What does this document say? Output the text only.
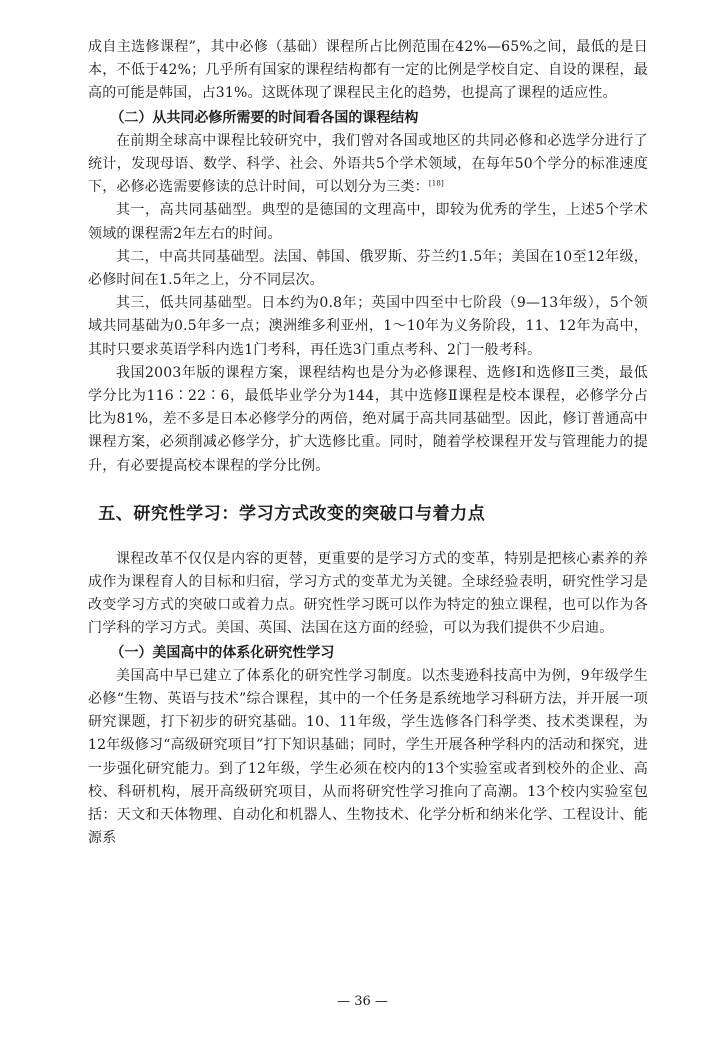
成自主选修课程”，其中必修（基础）课程所占比例范围在42%—65%之间，最低的是日本，不低于42%；几乎所有国家的课程结构都有一定的比例是学校自定、自设的课程，最高的可能是韩国，占31%。这既体现了课程民主化的趋势，也提高了课程的适应性。

（二）从共同必修所需要的时间看各国的课程结构

在前期全球高中课程比较研究中，我们曾对各国或地区的共同必修和必选学分进行了统计，发现母语、数学、科学、社会、外语共5个学术领域，在每年50个学分的标准速度下，必修必选需要修读的总计时间，可以划分为三类：[18]

其一，高共同基础型。典型的是德国的文理高中，即较为优秀的学生，上述5个学术领域的课程需2年左右的时间。

其二，中高共同基础型。法国、韩国、俄罗斯、芬兰约1.5年；美国在10至12年级，必修时间在1.5年之上，分不同层次。

其三，低共同基础型。日本约为0.8年；英国中四至中七阶段（9—13年级），5个领域共同基础为0.5年多一点；澳洲维多利亚州，1～10年为义务阶段，11、12年为高中，其时只要求英语学科内选1门考科，再任选3门重点考科、2门一般考科。

我国2003年版的课程方案，课程结构也是分为必修课程、选修Ⅰ和选修Ⅱ三类，最低学分比为116∶22∶6，最低毕业学分为144，其中选修Ⅱ课程是校本课程，必修学分占比为81%，差不多是日本必修学分的两倍，绝对属于高共同基础型。因此，修订普通高中课程方案，必须削减必修学分，扩大选修比重。同时，随着学校课程开发与管理能力的提升，有必要提高校本课程的学分比例。

五、研究性学习：学习方式改变的突破口与着力点

课程改革不仅仅是内容的更替，更重要的是学习方式的变革，特别是把核心素养的养成作为课程育人的目标和归宿，学习方式的变革尤为关键。全球经验表明，研究性学习是改变学习方式的突破口或着力点。研究性学习既可以作为特定的独立课程，也可以作为各门学科的学习方式。美国、英国、法国在这方面的经验，可以为我们提供不少启迪。

（一）美国高中的体系化研究性学习

美国高中早已建立了体系化的研究性学习制度。以杰斐逊科技高中为例，9年级学生必修“生物、英语与技术”综合课程，其中的一个任务是系统地学习科研方法，并开展一项研究课题，打下初步的研究基础。10、11年级，学生选修各门科学类、技术类课程，为12年级修习“高级研究项目”打下知识基础；同时，学生开展各种学科内的活动和探究，进一步强化研究能力。到了12年级，学生必须在校内的13个实验室或者到校外的企业、高校、科研机构，展开高级研究项目，从而将研究性学习推向了高潮。13个校内实验室包括：天文和天体物理、自动化和机器人、生物技术、化学分析和纳米化学、工程设计、能源系

— 36 —
